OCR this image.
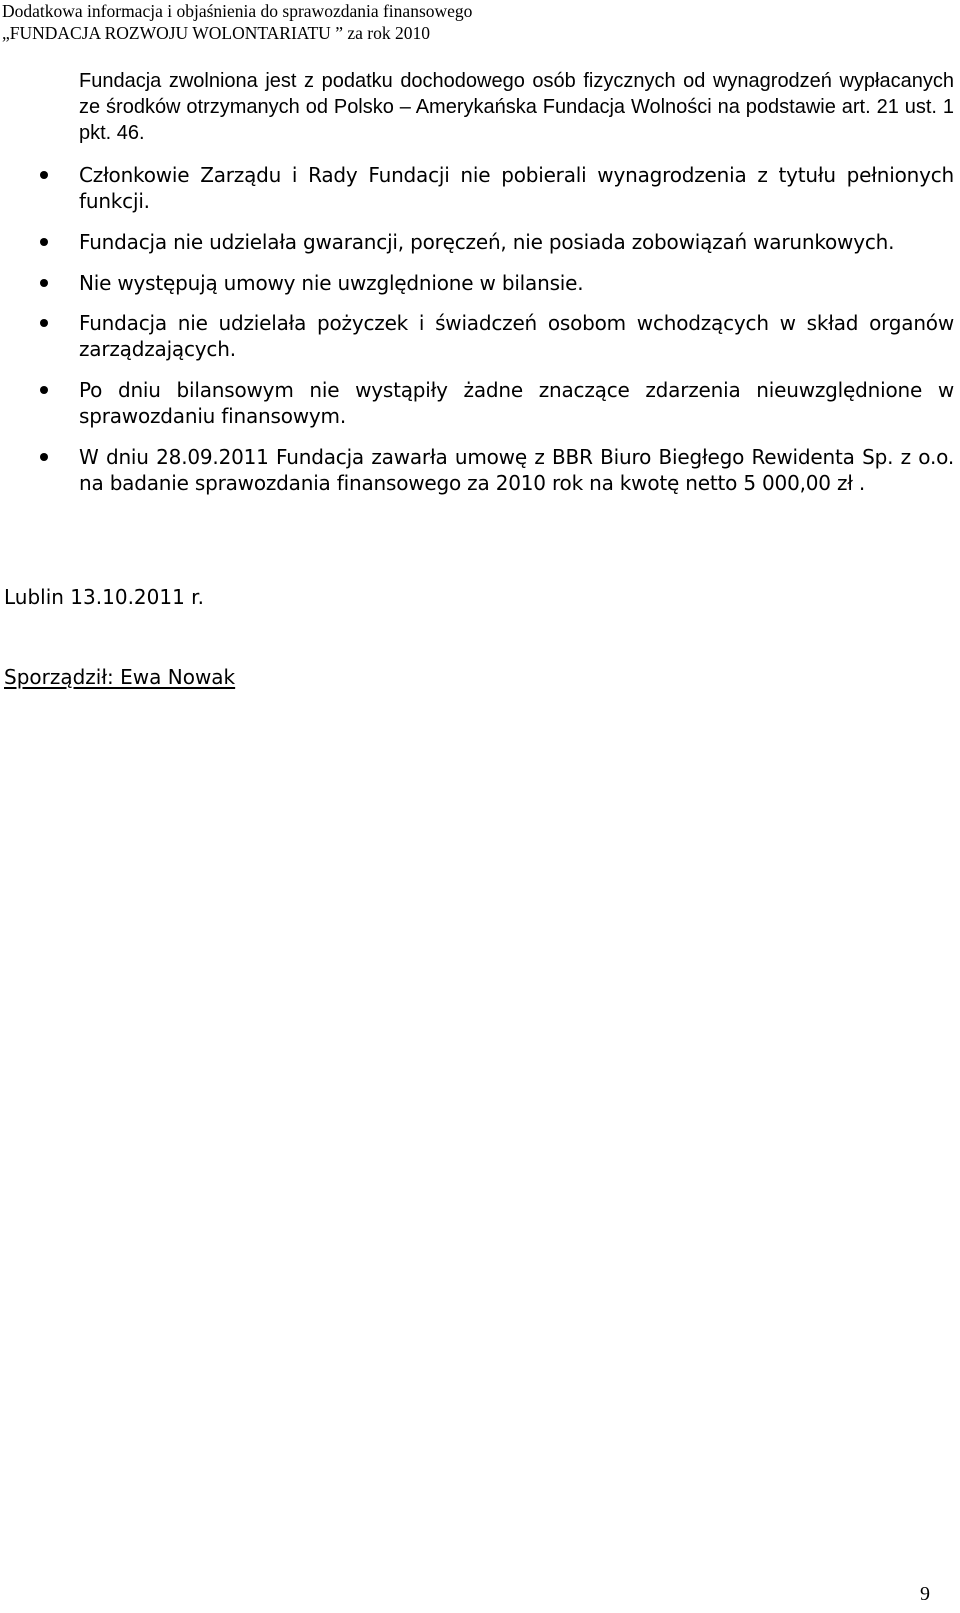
Dodatkowa informacja i objaśnienia do sprawozdania finansowego
„FUNDACJA ROZWOJU WOLONTARIATU ” za rok 2010
Fundacja zwolniona jest z podatku dochodowego osób fizycznych od wynagrodzeń wypłacanych ze środków otrzymanych od Polsko – Amerykańska Fundacja Wolności na podstawie art. 21 ust. 1 pkt. 46.
Członkowie Zarządu i Rady Fundacji nie pobierali wynagrodzenia z tytułu pełnionych funkcji.
Fundacja nie udzielała gwarancji, poręczeń, nie posiada zobowiązań warunkowych.
Nie występują umowy nie uwzględnione w bilansie.
Fundacja nie udzielała pożyczek i świadczeń osobom wchodzących w skład organów zarządzających.
Po dniu bilansowym nie wystąpiły żadne znaczące zdarzenia nieuwzględnione w sprawozdaniu finansowym.
W dniu 28.09.2011 Fundacja zawarła umowę z BBR Biuro Biegłego Rewidenta Sp. z o.o. na badanie sprawozdania finansowego za 2010 rok na kwotę netto 5 000,00 zł .
Lublin 13.10.2011 r.
Sporządził: Ewa Nowak
9
